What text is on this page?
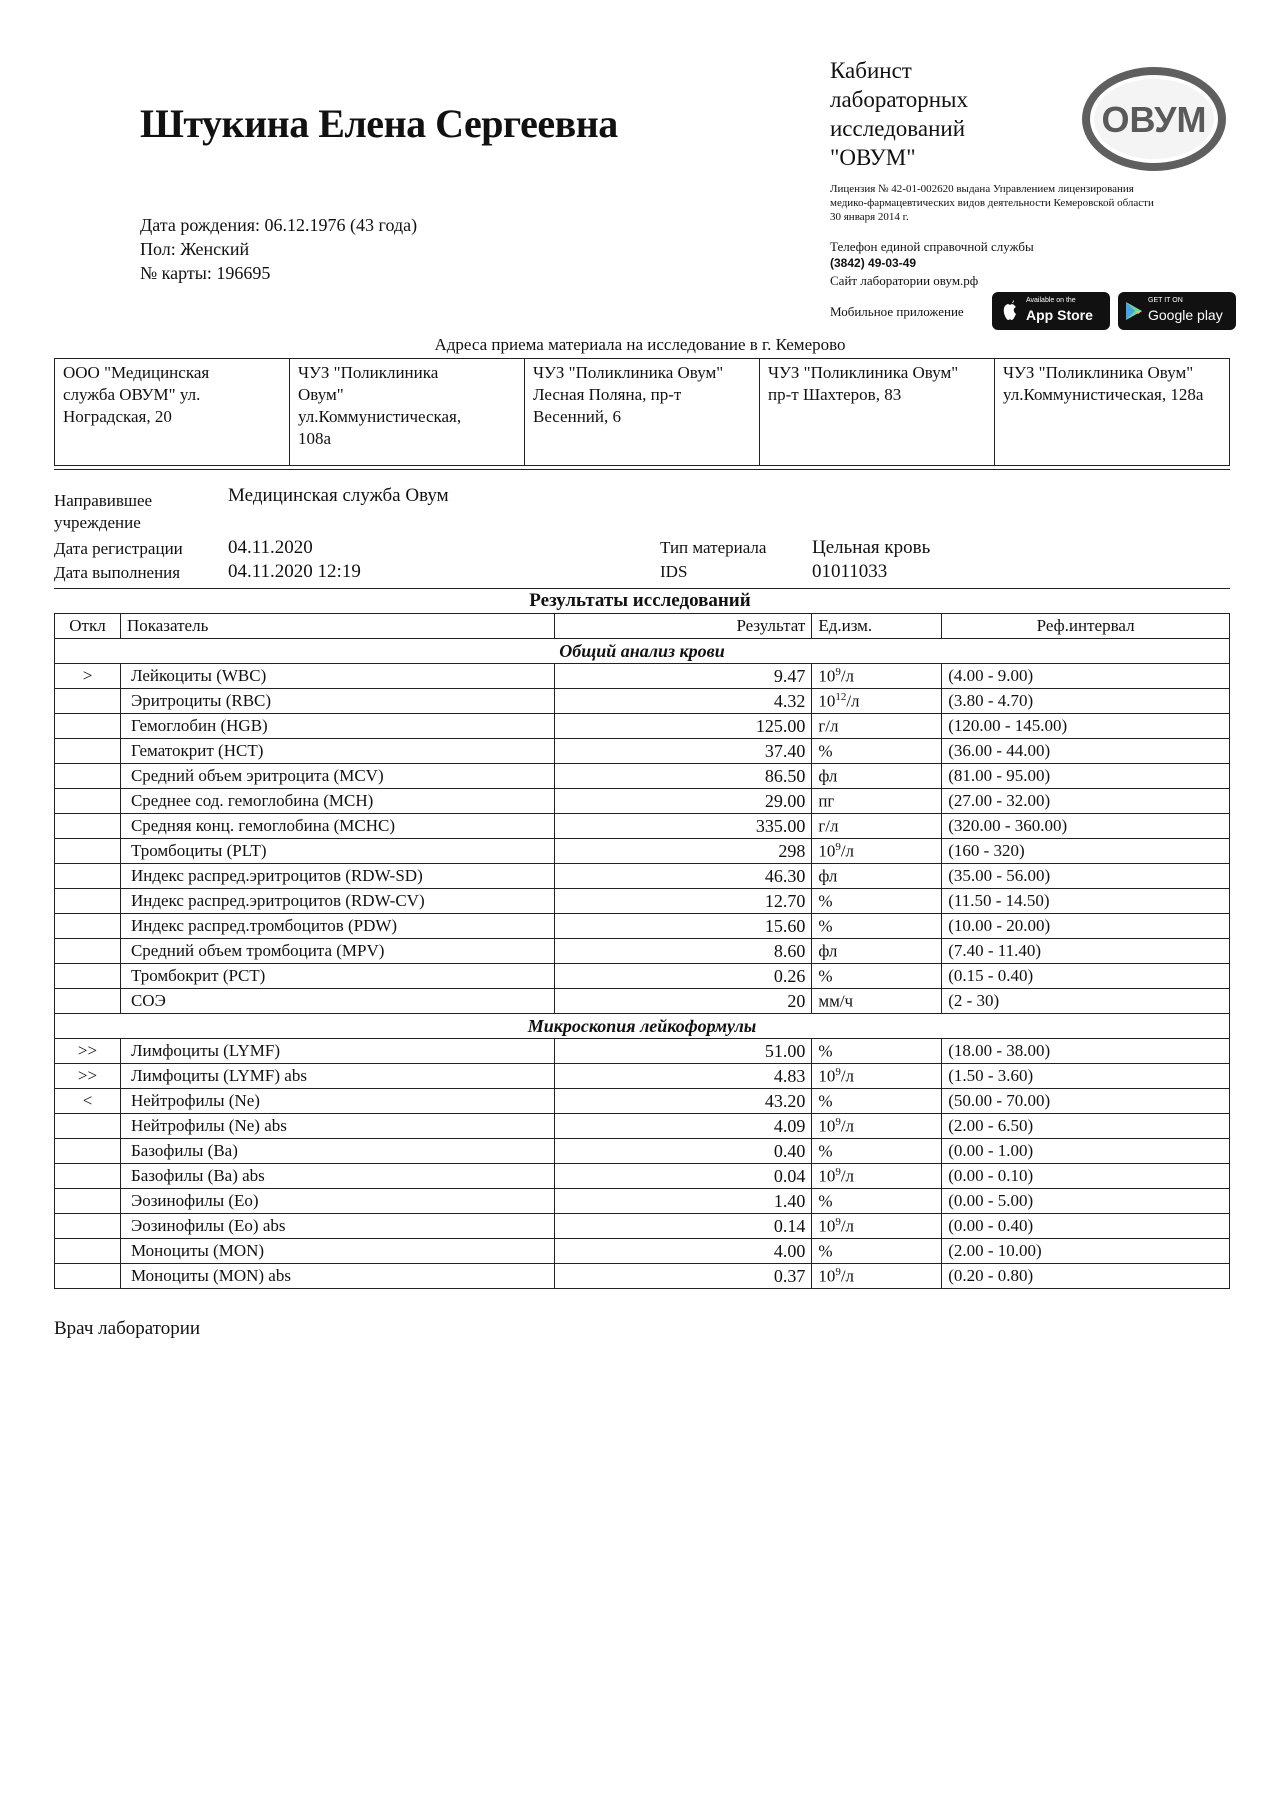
Штукина Елена Сергеевна
Дата рождения: 06.12.1976 (43 года)
Пол: Женский
№ карты: 196695
Кабинст
лабораторных
исследований
"ОВУМ"
ОВУМ
Лицензия № 42-01-002620 выдана Управлением лицензирования
медико-фармацевтических видов деятельности Кемеровской области
30 января 2014 г.
Телефон единой справочной службы
(3842) 49-03-49
Сайт лаборатории овум.рф
Мобильное приложение
Available on the
App Store
GET IT ON
Google play
Адреса приема материала на исследование в г. Кемерово
ООО "Медицинская
служба ОВУМ" ул.
Ноградская, 20

ЧУЗ "Поликлиника
Овум"
ул.Коммунистическая,
108а

ЧУЗ "Поликлиника Овум"
Лесная Поляна, пр-т
Весенний, 6

ЧУЗ "Поликлиника Овум"
пр-т Шахтеров, 83

ЧУЗ "Поликлиника Овум"
ул.Коммунистическая, 128а
Направившее учреждение
Медицинская служба Овум
Дата регистрации 04.11.2020
Дата выполнения	04.11.2020 12:19
Тип материала Цельная кровь
IDS	01011033
Результаты исследований
Откл	Показатель	Результат	Ед.изм.	Реф.интервал
Общий анализ крови				
>	Лейкоциты (WBC)	9.47	$10^9/л$	(4.00 - 9.00)
	Эритроциты (RBC)	4.32	$10^{12}/л$	(3.80 - 4.70)
	Гемоглобин (HGB)	125.00	г/л	(120.00 - 145.00)
	Гематокрит (HCT)	37.40	%	(36.00 - 44.00)
	Средний объем эритроцита (MCV)	86.50	фл	(81.00 - 95.00)
	Среднее сод. гемоглобина (MCH)	29.00	пг	(27.00 - 32.00)
	Средняя конц. гемоглобина (MCHC)	335.00	г/л	(320.00 - 360.00)
	Тромбоциты (PLT)	298	$10^9/л$	(160 - 320)
	Индекс распред.эритроцитов (RDW-SD)	46.30	фл	(35.00 - 56.00)
	Индекс распред.эритроцитов (RDW-CV)	12.70	%	(11.50 - 14.50)
	Индекс распред.тромбоцитов (PDW)	15.60	%	(10.00 - 20.00)
	Средний объем тромбоцита (MPV)	8.60	фл	(7.40 - 11.40)
	Тромбокрит (PCT)	0.26	%	(0.15 - 0.40)
	СОЭ	20	мм/ч	(2 - 30)
Микроскопия лейкоформулы				
>>	Лимфоциты (LYMF)	51.00	%	(18.00 - 38.00)
>>	Лимфоциты (LYMF) abs	4.83	$10^9/л$	(1.50 - 3.60)
<	Нейтрофилы (Ne)	43.20	%	(50.00 - 70.00)
	Нейтрофилы (Ne) abs	4.09	$10^9/л$	(2.00 - 6.50)
	Базофилы (Ba)	0.40	%	(0.00 - 1.00)
	Базофилы (Ba) abs	0.04	$10^9/л$	(0.00 - 0.10)
	Эозинофилы (Eo)	1.40	%	(0.00 - 5.00)
	Эозинофилы (Eo) abs	0.14	$10^9/л$	(0.00 - 0.40)
	Моноциты (MON)	4.00	%	(2.00 - 10.00)
	Моноциты (MON) abs	0.37	$10^9/л$	(0.20 - 0.80)
Врач лаборатории
